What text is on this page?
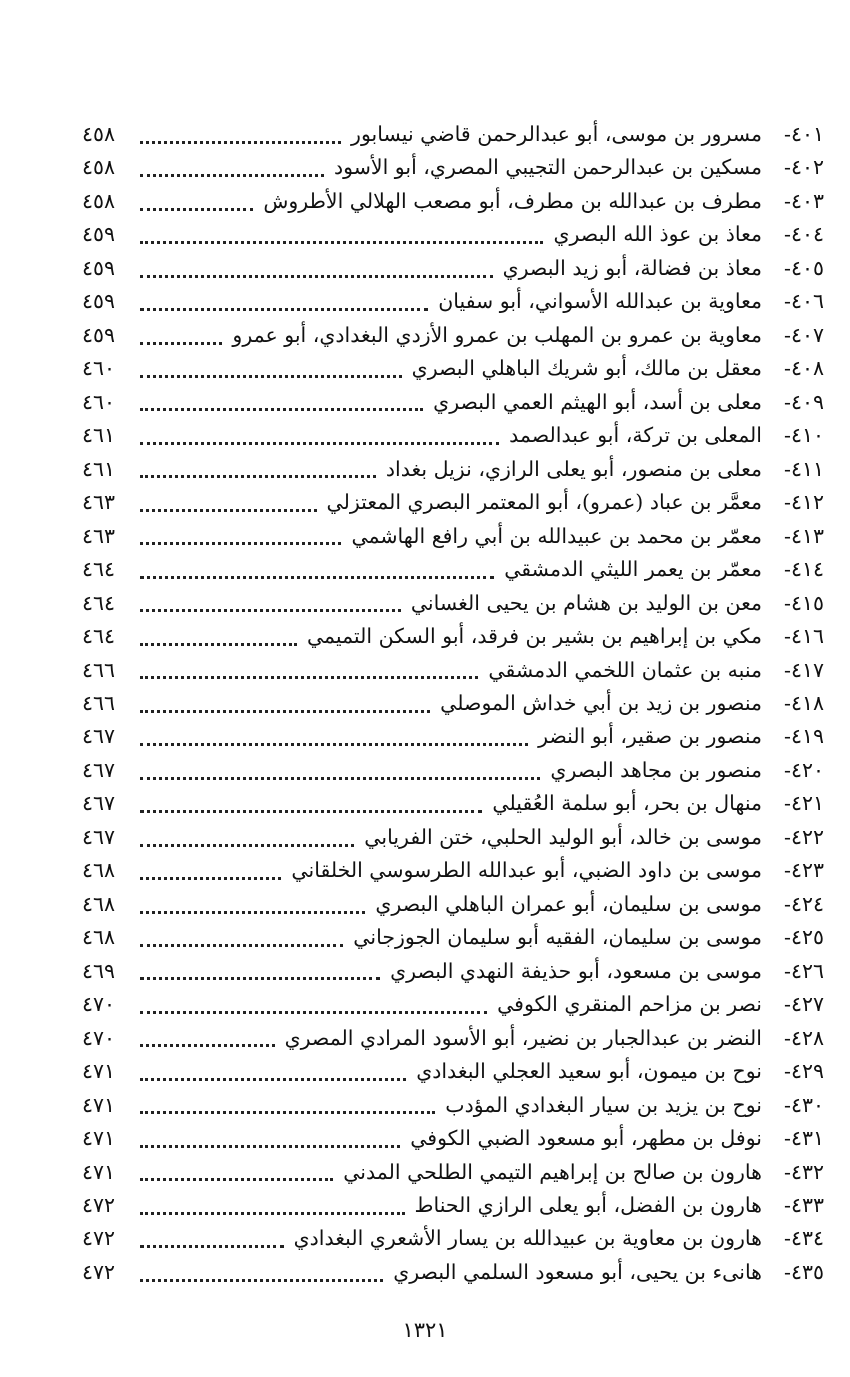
٤٠١-
مسرور بن موسى، أبو عبدالرحمن قاضي نيسابور
٤٥٨
٤٠٢-
مسكين بن عبدالرحمن التجيبي المصري، أبو الأسود
٤٥٨
٤٠٣-
مطرف بن عبدالله بن مطرف، أبو مصعب الهلالي الأطروش
٤٥٨
٤٠٤-
معاذ بن عوذ الله البصري
٤٥٩
٤٠٥-
معاذ بن فضالة، أبو زيد البصري
٤٥٩
٤٠٦-
معاوية بن عبدالله الأسواني، أبو سفيان
٤٥٩
٤٠٧-
معاوية بن عمرو بن المهلب بن عمرو الأزدي البغدادي، أبو عمرو
٤٥٩
٤٠٨-
معقل بن مالك، أبو شريك الباهلي البصري
٤٦٠
٤٠٩-
معلى بن أسد، أبو الهيثم العمي البصري
٤٦٠
٤١٠-
المعلى بن تركة، أبو عبدالصمد
٤٦١
٤١١-
معلى بن منصور، أبو يعلى الرازي، نزيل بغداد
٤٦١
٤١٢-
معمَّر بن عباد (عمرو)، أبو المعتمر البصري المعتزلي
٤٦٣
٤١٣-
معمّر بن محمد بن عبيدالله بن أبي رافع الهاشمي
٤٦٣
٤١٤-
معمّر بن يعمر الليثي الدمشقي
٤٦٤
٤١٥-
معن بن الوليد بن هشام بن يحيى الغساني
٤٦٤
٤١٦-
مكي بن إبراهيم بن بشير بن فرقد، أبو السكن التميمي
٤٦٤
٤١٧-
منبه بن عثمان اللخمي الدمشقي
٤٦٦
٤١٨-
منصور بن زيد بن أبي خداش الموصلي
٤٦٦
٤١٩-
منصور بن صقير، أبو النضر
٤٦٧
٤٢٠-
منصور بن مجاهد البصري
٤٦٧
٤٢١-
منهال بن بحر، أبو سلمة العُقيلي
٤٦٧
٤٢٢-
موسى بن خالد، أبو الوليد الحلبي، ختن الفريابي
٤٦٧
٤٢٣-
موسى بن داود الضبي، أبو عبدالله الطرسوسي الخلقاني
٤٦٨
٤٢٤-
موسى بن سليمان، أبو عمران الباهلي البصري
٤٦٨
٤٢٥-
موسى بن سليمان، الفقيه أبو سليمان الجوزجاني
٤٦٨
٤٢٦-
موسى بن مسعود، أبو حذيفة النهدي البصري
٤٦٩
٤٢٧-
نصر بن مزاحم المنقري الكوفي
٤٧٠
٤٢٨-
النضر بن عبدالجبار بن نضير، أبو الأسود المرادي المصري
٤٧٠
٤٢٩-
نوح بن ميمون، أبو سعيد العجلي البغدادي
٤٧١
٤٣٠-
نوح بن يزيد بن سيار البغدادي المؤدب
٤٧١
٤٣١-
نوفل بن مطهر، أبو مسعود الضبي الكوفي
٤٧١
٤٣٢-
هارون بن صالح بن إبراهيم التيمي الطلحي المدني
٤٧١
٤٣٣-
هارون بن الفضل، أبو يعلى الرازي الحناط
٤٧٢
٤٣٤-
هارون بن معاوية بن عبيدالله بن يسار الأشعري البغدادي
٤٧٢
٤٣٥-
هانىء بن يحيى، أبو مسعود السلمي البصري
٤٧٢
١٣٢١
